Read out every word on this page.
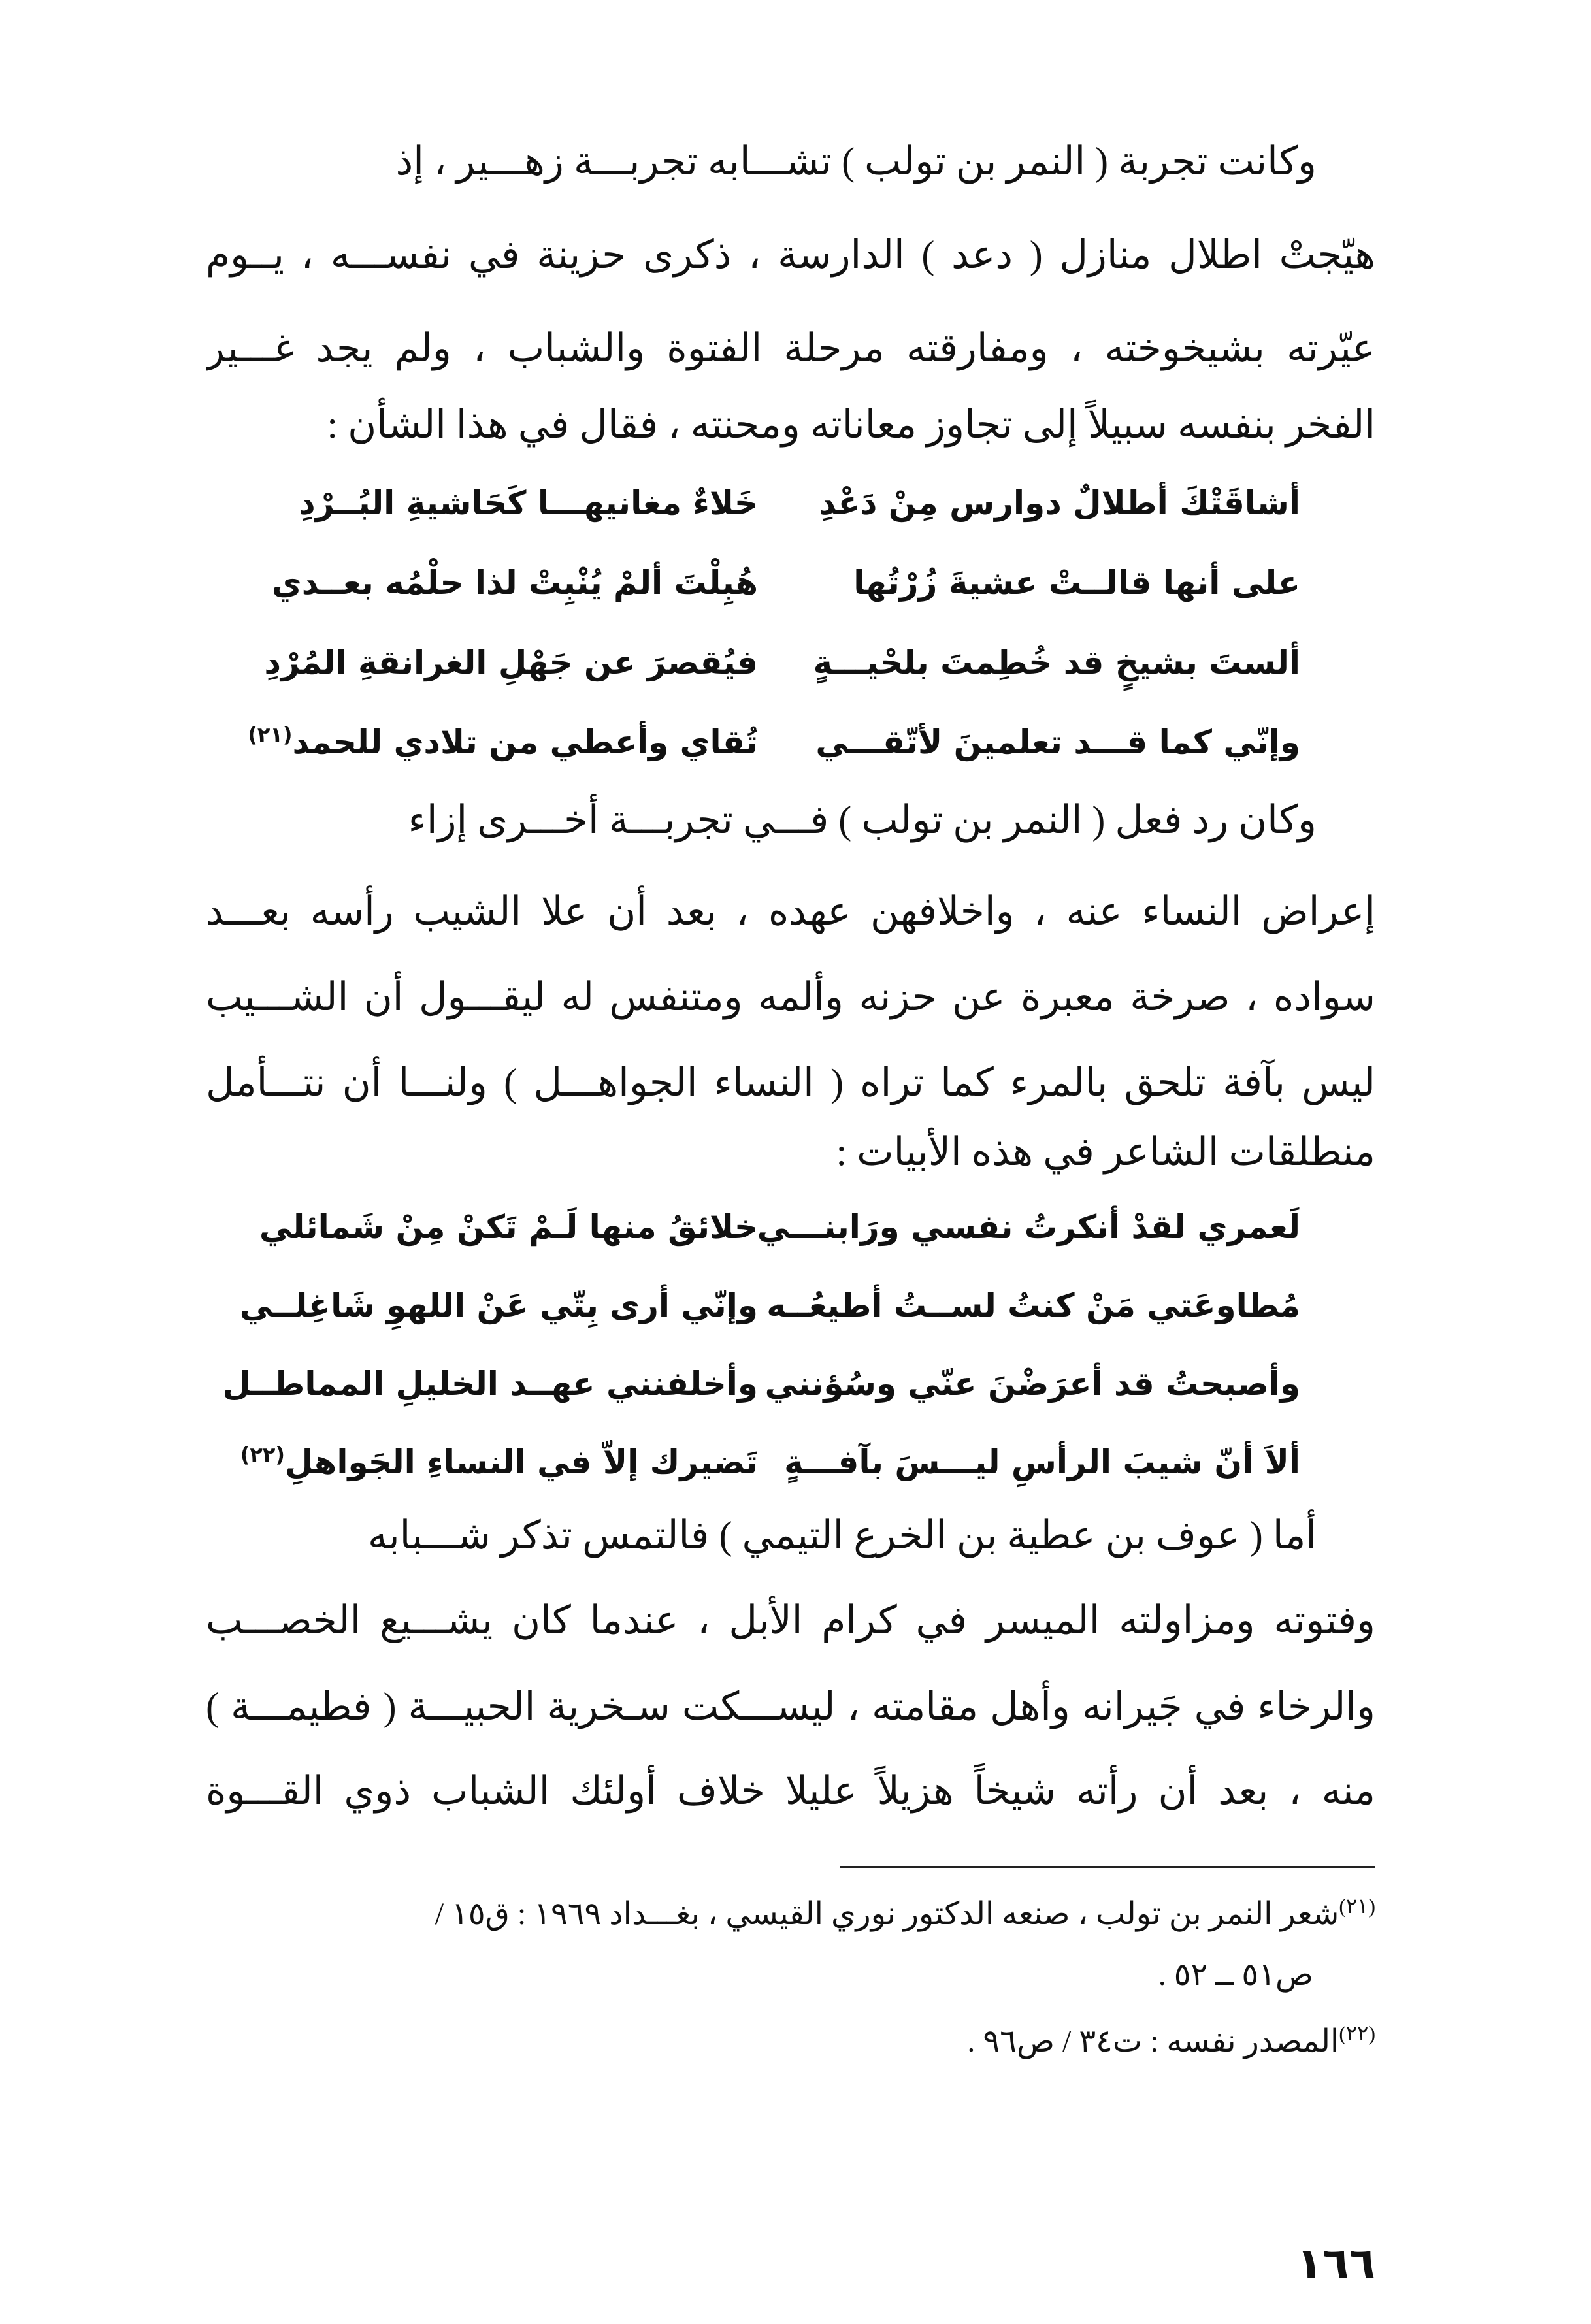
وكانت تجربة ( النمر بن تولب ) تشـــابه تجربـــة زهـــير ، إذ
هيّجتْ اطلال منازل ( دعد ) الدارسة ، ذكرى حزينة في نفســـه ، يــوم
عيّرته بشيخوخته ، ومفارقته مرحلة الفتوة والشباب ، ولم يجد غـــير
الفخر بنفسه سبيلاً إلى تجاوز معاناته ومحنته ، فقال في هذا الشأن :
أشاقَتْكَ أطلالٌ دوارس مِنْ دَعْدِ
خَلاءٌ مغانيهـــا كَحَاشيةِ البُــرْدِ
على أنها قالــتْ عشيةَ زُرْتُها
هُبِلْتَ ألمْ يُنْبِتْ لذا حلْمُه بعــدي
ألستَ بشيخٍ قد خُطِمتَ بلحْيـــةٍ
فيُقصرَ عن جَهْلِ الغرانقةِ المُرْدِ
وإنّي كما قـــد تعلمينَ لأتّقـــي
تُقاي وأعطي من تلادي للحمد$^{(٢١)}$
وكان رد فعل ( النمر بن تولب ) فـــي تجربـــة أخـــرى إزاء
إعراض النساء عنه ، واخلافهن عهده ، بعد أن علا الشيب رأسه بعـــد
سواده ، صرخة معبرة عن حزنه وألمه ومتنفس له ليقـــول أن الشـــيب
ليس بآفة تلحق بالمرء كما تراه ( النساء الجواهـــل ) ولنـــا أن نتـــأمل
منطلقات الشاعر في هذه الأبيات :
لَعمري لقدْ أنكرتُ نفسي ورَابنـــي
خلائقُ منها لَـمْ تَكنْ مِنْ شَمائلي
مُطاوعَتي مَنْ كنتُ لســتُ أطيعُــه
وإنّي أرى بِتّي عَنْ اللهوِ شَاغِلــي
وأصبحتُ قد أعرَضْنَ عنّي وسُؤنني
وأخلفنني عهــد الخليلِ المماطــل
ألاَ أنّ شيبَ الرأسِ ليـــسَ بآفـــةٍ
تَضيرك إلاّ في النساءِ الجَواهلِ$^{(٢٢)}$
أما ( عوف بن عطية بن الخرع التيمي ) فالتمس تذكر شـــبابه
وفتوته ومزاولته الميسر في كرام الأبل ، عندما كان يشـــيع الخصـــب
والرخاء في جَيرانه وأهل مقامته ، ليســـكت سـخرية الحبيـــة ( فطيمـــة )
منه ، بعد أن رأته شيخاً هزيلاً عليلا خلاف أولئك الشباب ذوي القـــوة
$^{(٢١)}$شعر النمر بن تولب ، صنعه الدكتور نوري القيسي ، بغـــداد ١٩٦٩ : ق١٥ /
ص٥١ ــ ٥٢ .
$^{(٢٢)}$المصدر نفسه : ت٣٤ / ص٩٦ .
١٦٦
